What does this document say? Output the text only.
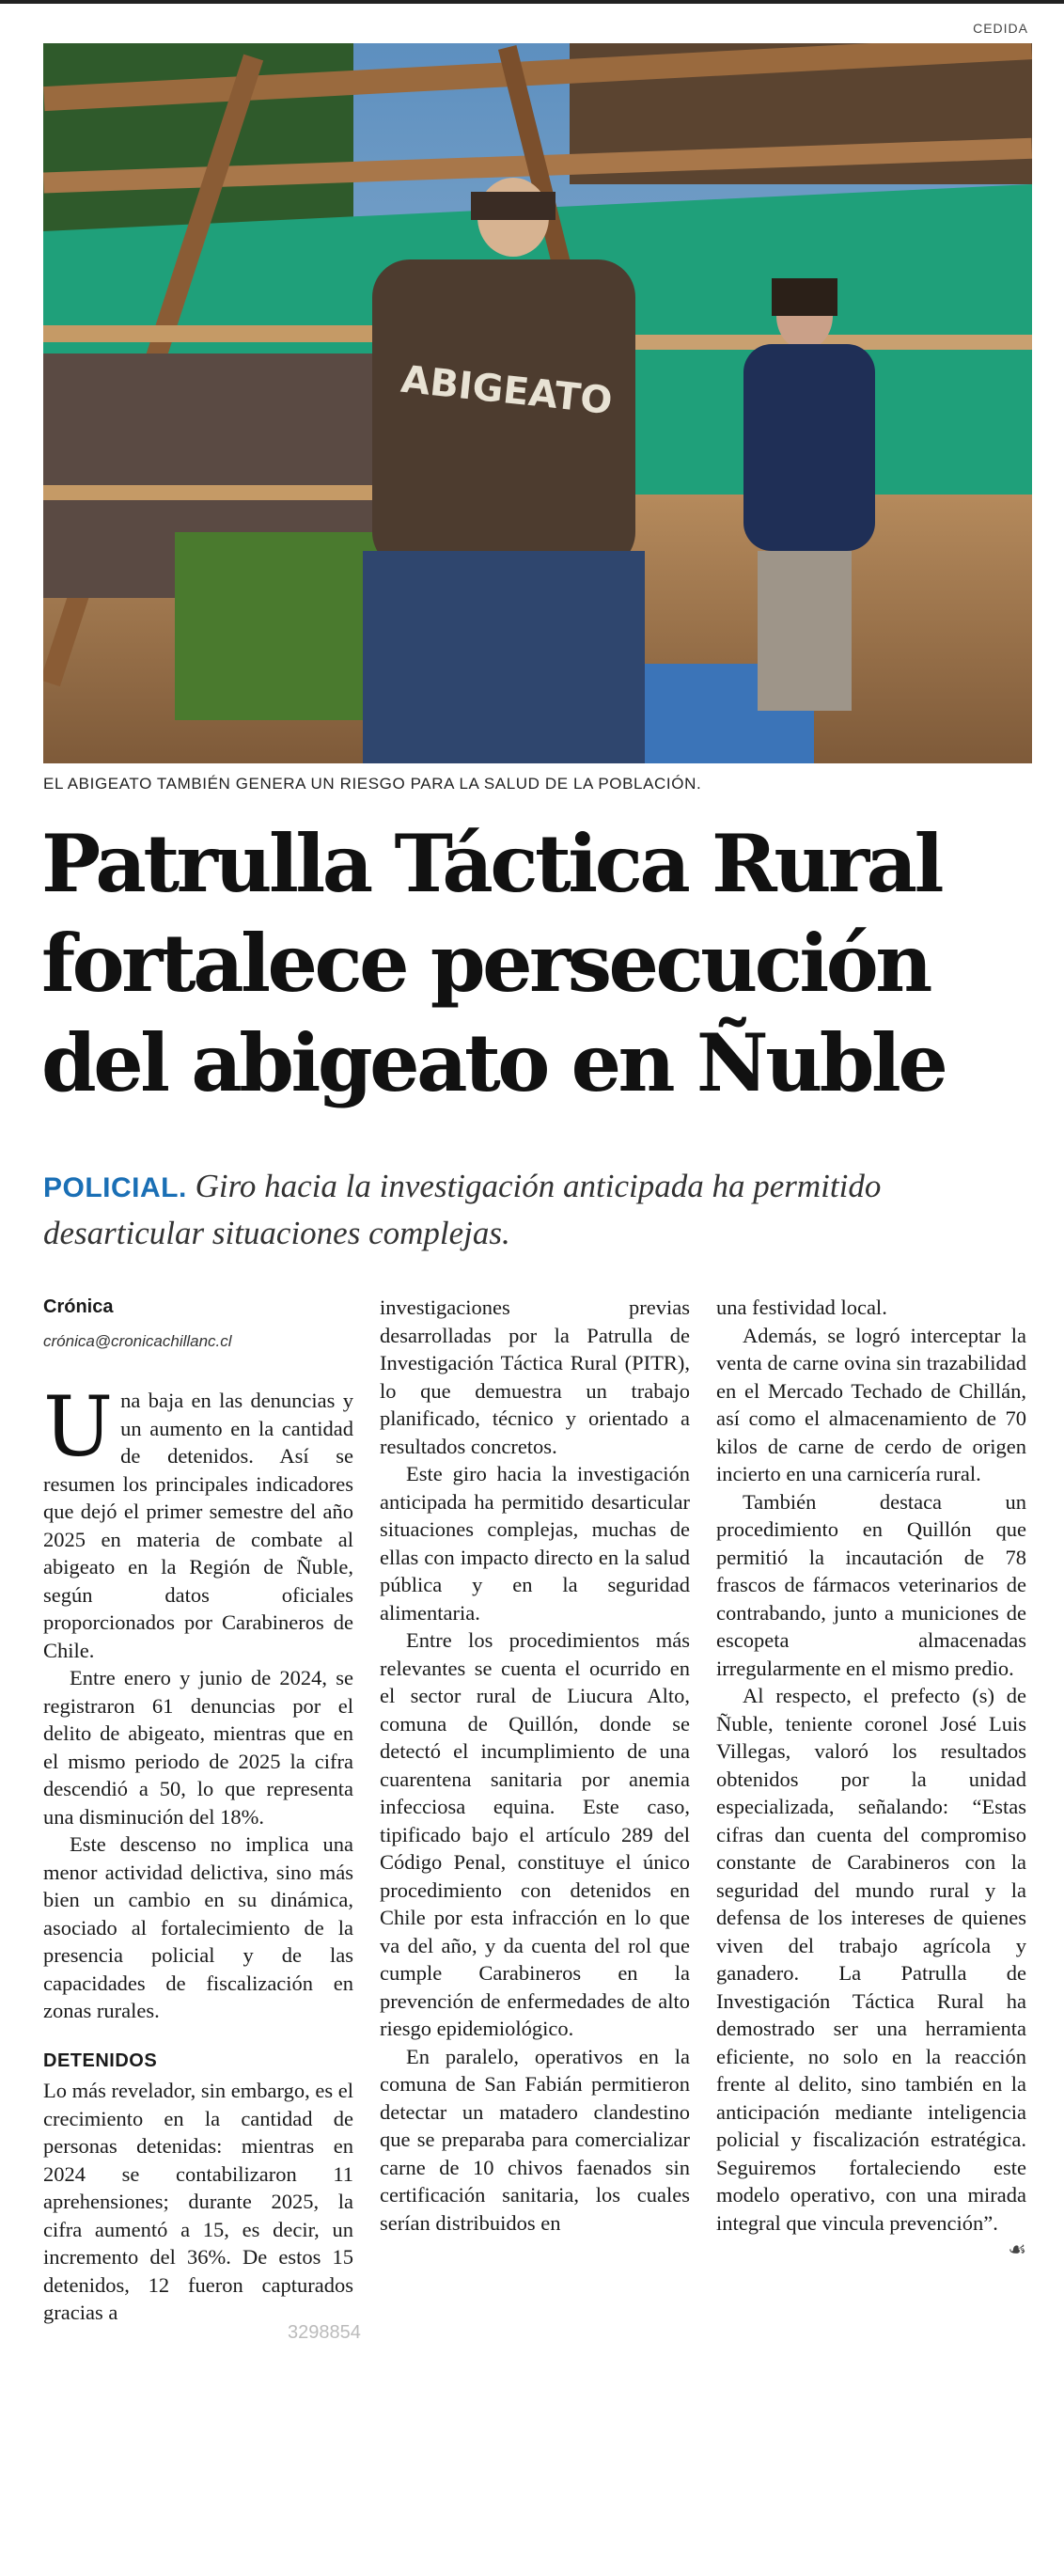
CEDIDA
ABIGEATO
EL ABIGEATO TAMBIÉN GENERA UN RIESGO PARA LA SALUD DE LA POBLACIÓN.
Patrulla Táctica Rural fortalece persecución del abigeato en Ñuble

POLICIAL. Giro hacia la investigación anticipada ha permitido desarticular situaciones complejas.

Crónica
crónica@cronicachillanc.cl

Una baja en las denuncias y un aumento en la cantidad de detenidos. Así se resumen los principales indicadores que dejó el primer semestre del año 2025 en materia de combate al abigeato en la Región de Ñuble, según datos oficiales proporcionados por Carabineros de Chile.

Entre enero y junio de 2024, se registraron 61 denuncias por el delito de abigeato, mientras que en el mismo periodo de 2025 la cifra descendió a 50, lo que representa una disminución del 18%.

Este descenso no implica una menor actividad delictiva, sino más bien un cambio en su dinámica, asociado al fortalecimiento de la presencia policial y de las capacidades de fiscalización en zonas rurales.

DETENIDOS

Lo más revelador, sin embargo, es el crecimiento en la cantidad de personas detenidas: mientras en 2024 se contabilizaron 11 aprehensiones; durante 2025, la cifra aumentó a 15, es decir, un incremento del 36%. De estos 15 detenidos, 12 fueron capturados gracias a

investigaciones previas desarrolladas por la Patrulla de Investigación Táctica Rural (PITR), lo que demuestra un trabajo planificado, técnico y orientado a resultados concretos.

Este giro hacia la investigación anticipada ha permitido desarticular situaciones complejas, muchas de ellas con impacto directo en la salud pública y en la seguridad alimentaria.

Entre los procedimientos más relevantes se cuenta el ocurrido en el sector rural de Liucura Alto, comuna de Quillón, donde se detectó el incumplimiento de una cuarentena sanitaria por anemia infecciosa equina. Este caso, tipificado bajo el artículo 289 del Código Penal, constituye el único procedimiento con detenidos en Chile por esta infracción en lo que va del año, y da cuenta del rol que cumple Carabineros en la prevención de enfermedades de alto riesgo epidemiológico.

En paralelo, operativos en la comuna de San Fabián permitieron detectar un matadero clandestino que se preparaba para comercializar carne de 10 chivos faenados sin certificación sanitaria, los cuales serían distribuidos en

una festividad local.

Además, se logró interceptar la venta de carne ovina sin trazabilidad en el Mercado Techado de Chillán, así como el almacenamiento de 70 kilos de carne de cerdo de origen incierto en una carnicería rural.

También destaca un procedimiento en Quillón que permitió la incautación de 78 frascos de fármacos veterinarios de contrabando, junto a municiones de escopeta almacenadas irregularmente en el mismo predio.

Al respecto, el prefecto (s) de Ñuble, teniente coronel José Luis Villegas, valoró los resultados obtenidos por la unidad especializada, señalando: “Estas cifras dan cuenta del compromiso constante de Carabineros con la seguridad del mundo rural y la defensa de los intereses de quienes viven del trabajo agrícola y ganadero. La Patrulla de Investigación Táctica Rural ha demostrado ser una herramienta eficiente, no solo en la reacción frente al delito, sino también en la anticipación mediante inteligencia policial y fiscalización estratégica. Seguiremos fortaleciendo este modelo operativo, con una mirada integral que vincula prevención”.
☙

3298854
